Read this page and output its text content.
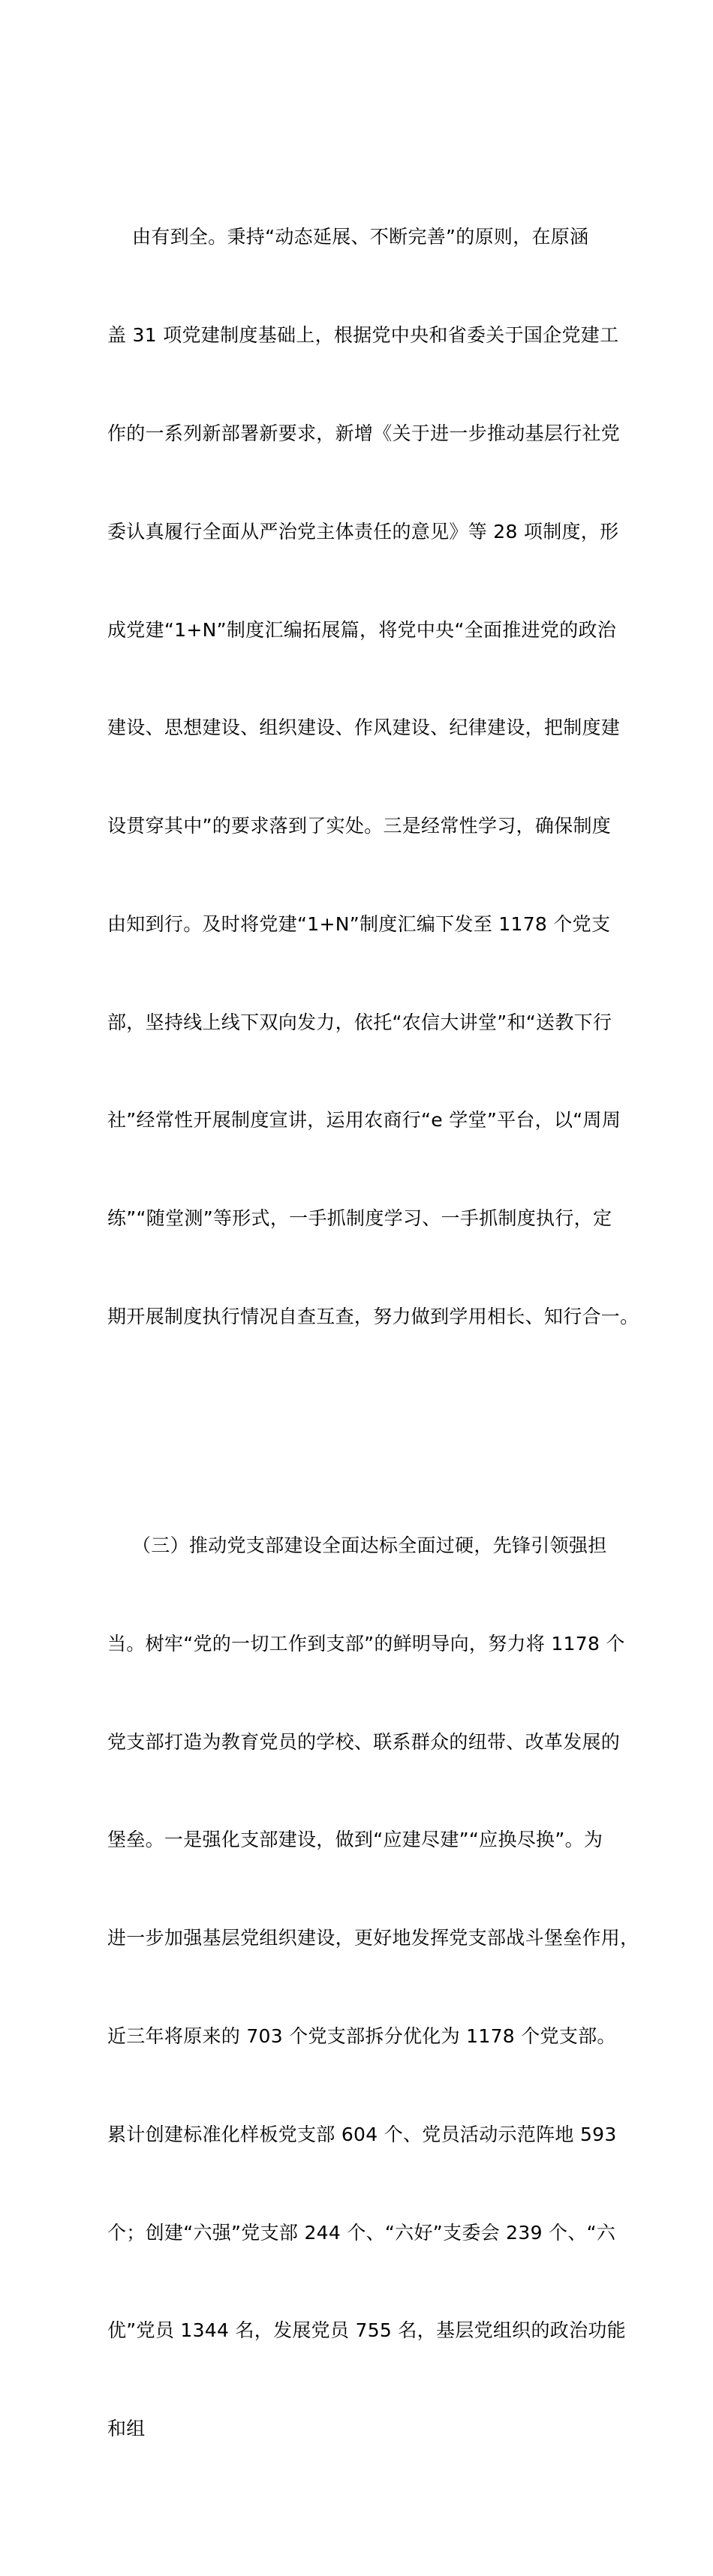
由有到全。秉持“动态延展、不断完善”的原则，在原涵

盖 31 项党建制度基础上，根据党中央和省委关于国企党建工

作的一系列新部署新要求，新增《关于进一步推动基层行社党

委认真履行全面从严治党主体责任的意见》等 28 项制度，形

成党建“1+N”制度汇编拓展篇，将党中央“全面推进党的政治

建设、思想建设、组织建设、作风建设、纪律建设，把制度建

设贯穿其中”的要求落到了实处。三是经常性学习，确保制度

由知到行。及时将党建“1+N”制度汇编下发至 1178 个党支

部，坚持线上线下双向发力，依托“农信大讲堂”和“送教下行

社”经常性开展制度宣讲，运用农商行“e 学堂”平台，以“周周

练”“随堂测”等形式，一手抓制度学习、一手抓制度执行，定

期开展制度执行情况自查互查，努力做到学用相长、知行合一。

（三）推动党支部建设全面达标全面过硬，先锋引领强担

当。树牢“党的一切工作到支部”的鲜明导向，努力将 1178 个

党支部打造为教育党员的学校、联系群众的纽带、改革发展的

堡垒。一是强化支部建设，做到“应建尽建”“应换尽换”。为

进一步加强基层党组织建设，更好地发挥党支部战斗堡垒作用，

近三年将原来的 703 个党支部拆分优化为 1178 个党支部。

累计创建标准化样板党支部 604 个、党员活动示范阵地 593

个；创建“六强”党支部 244 个、“六好”支委会 239 个、“六

优”党员 1344 名，发展党员 755 名，基层党组织的政治功能

和组
